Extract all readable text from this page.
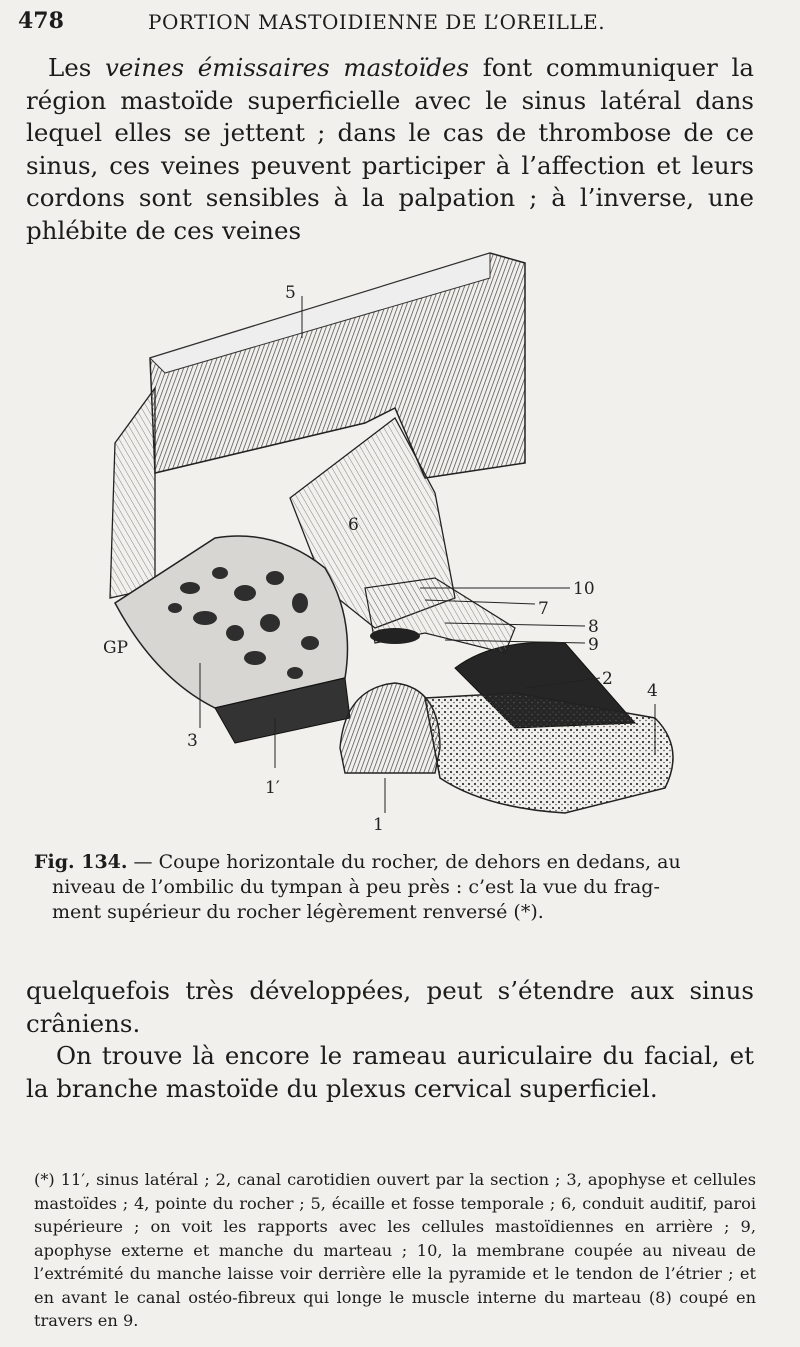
478	PORTION MASTOIDIENNE DE L’OREILLE.

Les veines émissaires mastoïdes font communiquer la région mastoïde superficielle avec le sinus latéral dans lequel elles se jettent ; dans le cas de thrombose de ce sinus, ces veines peuvent participer à l’affection et leurs cordons sont sensibles à la palpation ; à l’inverse, une phlébite de ces veines

5
6
10
7
8
9
2
4
3
1′
1
GP

Fig. 134. — Coupe horizontale du rocher, de dehors en dedans, au
niveau de l’ombilic du tympan à peu près : c’est la vue du frag-
ment supérieur du rocher légèrement renversé (*).

quelquefois très développées, peut s’étendre aux sinus crâniens.

On trouve là encore le rameau auriculaire du facial, et la branche mastoïde du plexus cervical superficiel.

(*) 11′, sinus latéral ; 2, canal carotidien ouvert par la section ; 3, apophyse et cellules mastoïdes ; 4, pointe du rocher ; 5, écaille et fosse temporale ; 6, conduit auditif, paroi supérieure ; on voit les rapports avec les cellules mastoïdiennes en arrière ; 9, apophyse externe et manche du marteau ; 10, la membrane coupée au niveau de l’extrémité du manche laisse voir derrière elle la pyramide et le tendon de l’étrier ; et en avant le canal ostéo-fibreux qui longe le muscle interne du marteau (8) coupé en travers en 9.
